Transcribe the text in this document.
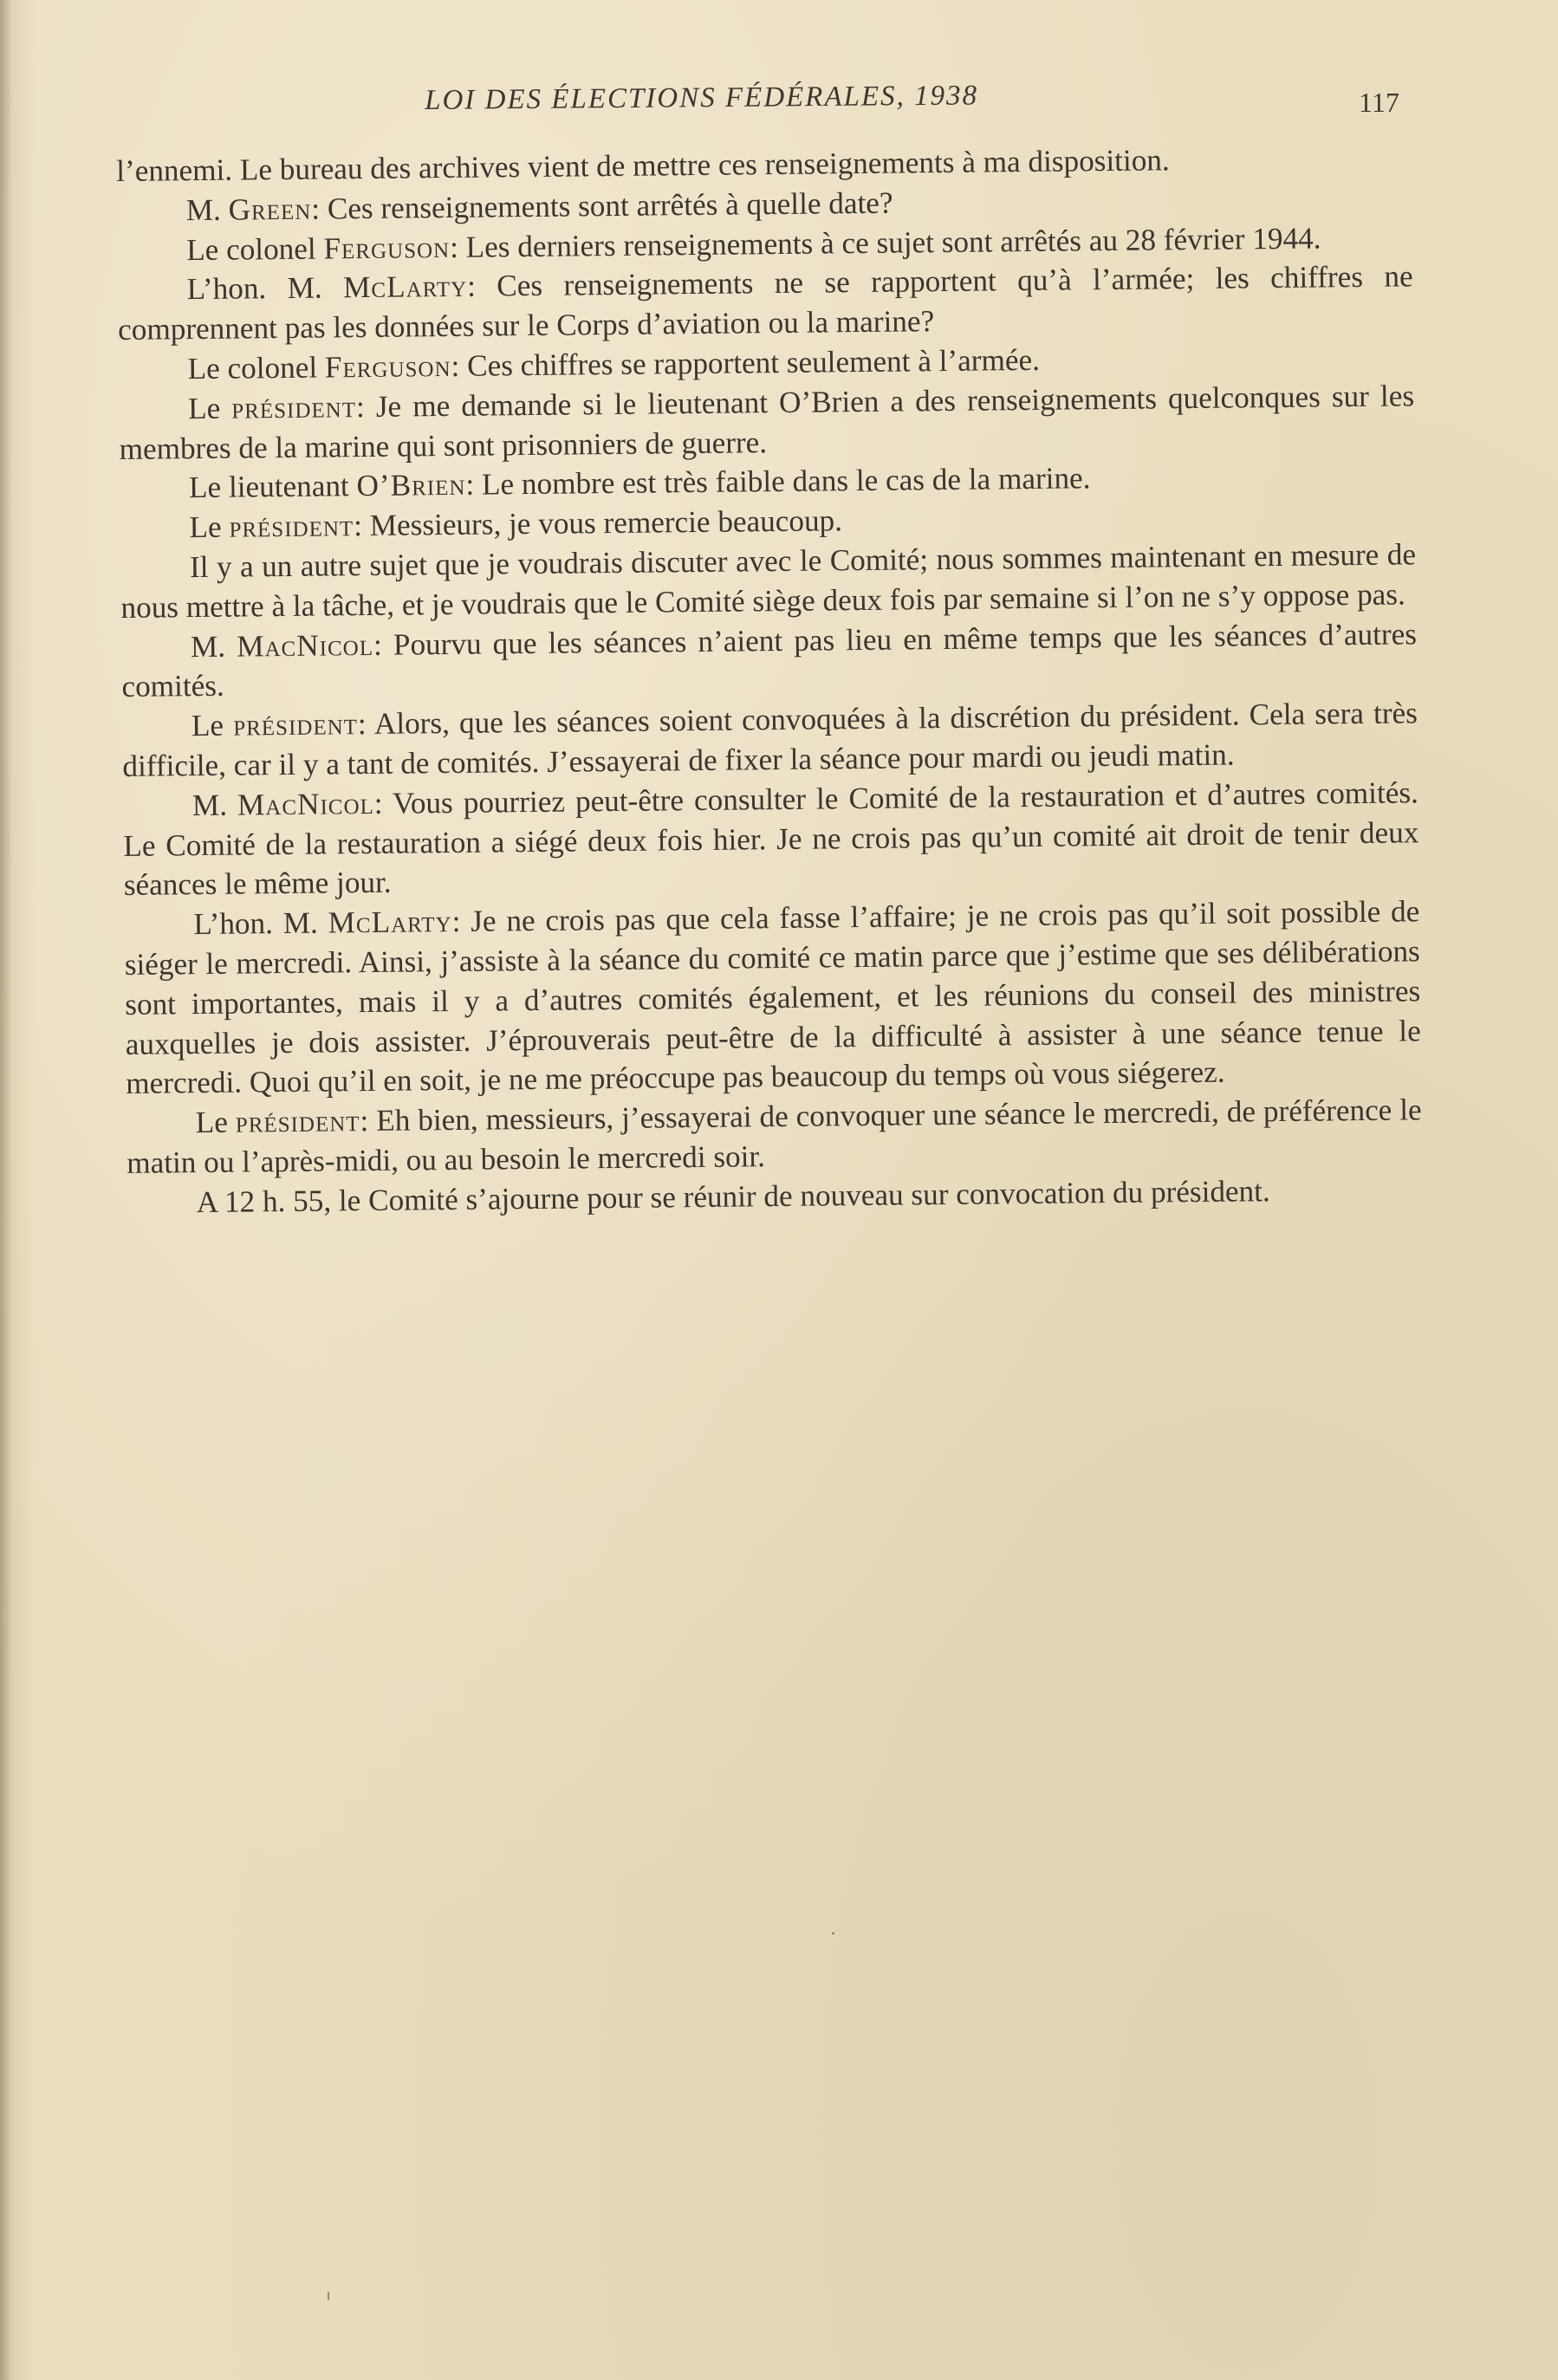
LOI DES ÉLECTIONS FÉDÉRALES, 1938	117

l’ennemi. Le bureau des archives vient de mettre ces renseignements à ma disposition.

M. Green: Ces renseignements sont arrêtés à quelle date?

Le colonel Ferguson: Les derniers renseignements à ce sujet sont arrêtés au 28 février 1944.

L’hon. M. McLarty: Ces renseignements ne se rapportent qu’à l’armée; les chiffres ne comprennent pas les données sur le Corps d’aviation ou la marine?

Le colonel Ferguson: Ces chiffres se rapportent seulement à l’armée.

Le président: Je me demande si le lieutenant O’Brien a des renseignements quelconques sur les membres de la marine qui sont prisonniers de guerre.

Le lieutenant O’Brien: Le nombre est très faible dans le cas de la marine.

Le président: Messieurs, je vous remercie beaucoup.

Il y a un autre sujet que je voudrais discuter avec le Comité; nous sommes maintenant en mesure de nous mettre à la tâche, et je voudrais que le Comité siège deux fois par semaine si l’on ne s’y oppose pas.

M. MacNicol: Pourvu que les séances n’aient pas lieu en même temps que les séances d’autres comités.

Le président: Alors, que les séances soient convoquées à la discrétion du président. Cela sera très difficile, car il y a tant de comités. J’essayerai de fixer la séance pour mardi ou jeudi matin.

M. MacNicol: Vous pourriez peut-être consulter le Comité de la restauration et d’autres comités. Le Comité de la restauration a siégé deux fois hier. Je ne crois pas qu’un comité ait droit de tenir deux séances le même jour.

L’hon. M. McLarty: Je ne crois pas que cela fasse l’affaire; je ne crois pas qu’il soit possible de siéger le mercredi. Ainsi, j’assiste à la séance du comité ce matin parce que j’estime que ses délibérations sont importantes, mais il y a d’autres comités également, et les réunions du conseil des ministres auxquelles je dois assister. J’éprouverais peut-être de la difficulté à assister à une séance tenue le mercredi. Quoi qu’il en soit, je ne me préoccupe pas beaucoup du temps où vous siégerez.

Le président: Eh bien, messieurs, j’essayerai de convoquer une séance le mercredi, de préférence le matin ou l’après-midi, ou au besoin le mercredi soir.

A 12 h. 55, le Comité s’ajourne pour se réunir de nouveau sur convocation du président.
